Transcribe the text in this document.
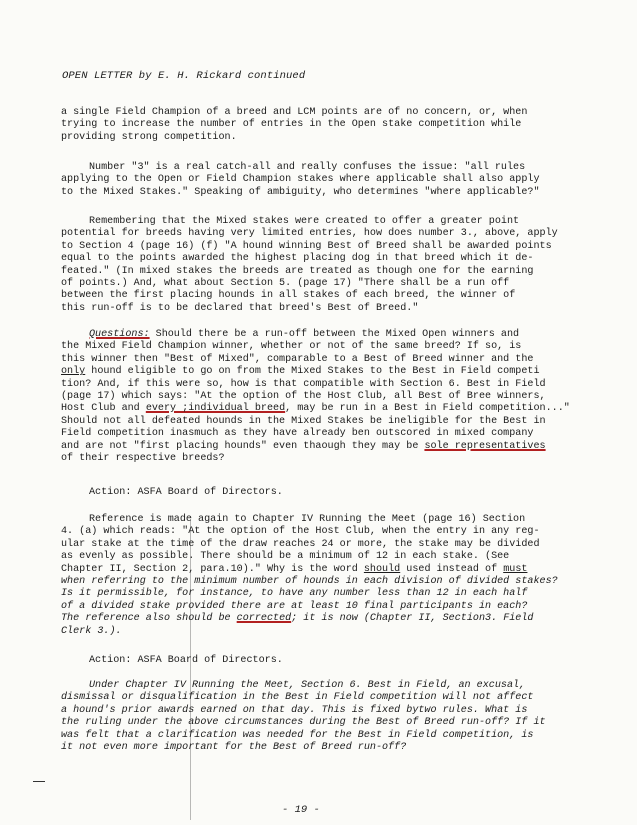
OPEN LETTER by E. H. Rickard continued
a single Field Champion of a breed and LCM points are of no concern, or, when
trying to increase the number of entries in the Open stake competition while
providing strong competition.
Number "3" is a real catch-all and really confuses the issue: "all rules
applying to the Open or Field Champion stakes where applicable shall also apply
to the Mixed Stakes." Speaking of ambiguity, who determines "where applicable?"
Remembering that the Mixed stakes were created to offer a greater point
potential for breeds having very limited entries, how does number 3., above, apply
to Section 4 (page 16) (f) "A hound winning Best of Breed shall be awarded points
equal to the points awarded the highest placing dog in that breed which it de-
feated." (In mixed stakes the breeds are treated as though one for the earning
of points.) And, what about Section 5. (page 17) "There shall be a run off
between the first placing hounds in all stakes of each breed, the winner of
this run-off is to be declared that breed's Best of Breed."
Questions: Should there be a run-off between the Mixed Open winners and
the Mixed Field Champion winner, whether or not of the same breed? If so, is
this winner then "Best of Mixed", comparable to a Best of Breed winner and the
only hound eligible to go on from the Mixed Stakes to the Best in Field competi
tion? And, if this were so, how is that compatible with Section 6. Best in Field
(page 17) which says: "At the option of the Host Club, all Best of Bree winners,
Host Club and every ;individual breed, may be run in a Best in Field competition..."
Should not all defeated hounds in the Mixed Stakes be ineligible for the Best in
Field competition inasmuch as they have already ben outscored in mixed company
and are not "first placing hounds" even thaough they may be sole representatives
of their respective breeds?
Action: ASFA Board of Directors.
Reference is made again to Chapter IV Running the Meet (page 16) Section
4. (a) which reads: "At the option of the Host Club, when the entry in any reg-
ular stake at the time of the draw reaches 24 or more, the stake may be divided
as evenly as possible. There should be a minimum of 12 in each stake. (See
Chapter II, Section 2, para.10)." Why is the word should used instead of must
when referring to the minimum number of hounds in each division of divided stakes?
Is it permissible, for instance, to have any number less than 12 in each half
of a divided stake provided there are at least 10 final participants in each?
The reference also should be corrected; it is now (Chapter II, Section3. Field
Clerk 3.).
Action: ASFA Board of Directors.
Under Chapter IV Running the Meet, Section 6. Best in Field, an excusal,
dismissal or disqualification in the Best in Field competition will not affect
a hound's prior awards earned on that day. This is fixed bytwo rules. What is
the ruling under the above circumstances during the Best of Breed run-off? If it
was felt that a clarification was needed for the Best in Field competition, is
it not even more important for the Best of Breed run-off?
- 19 -
